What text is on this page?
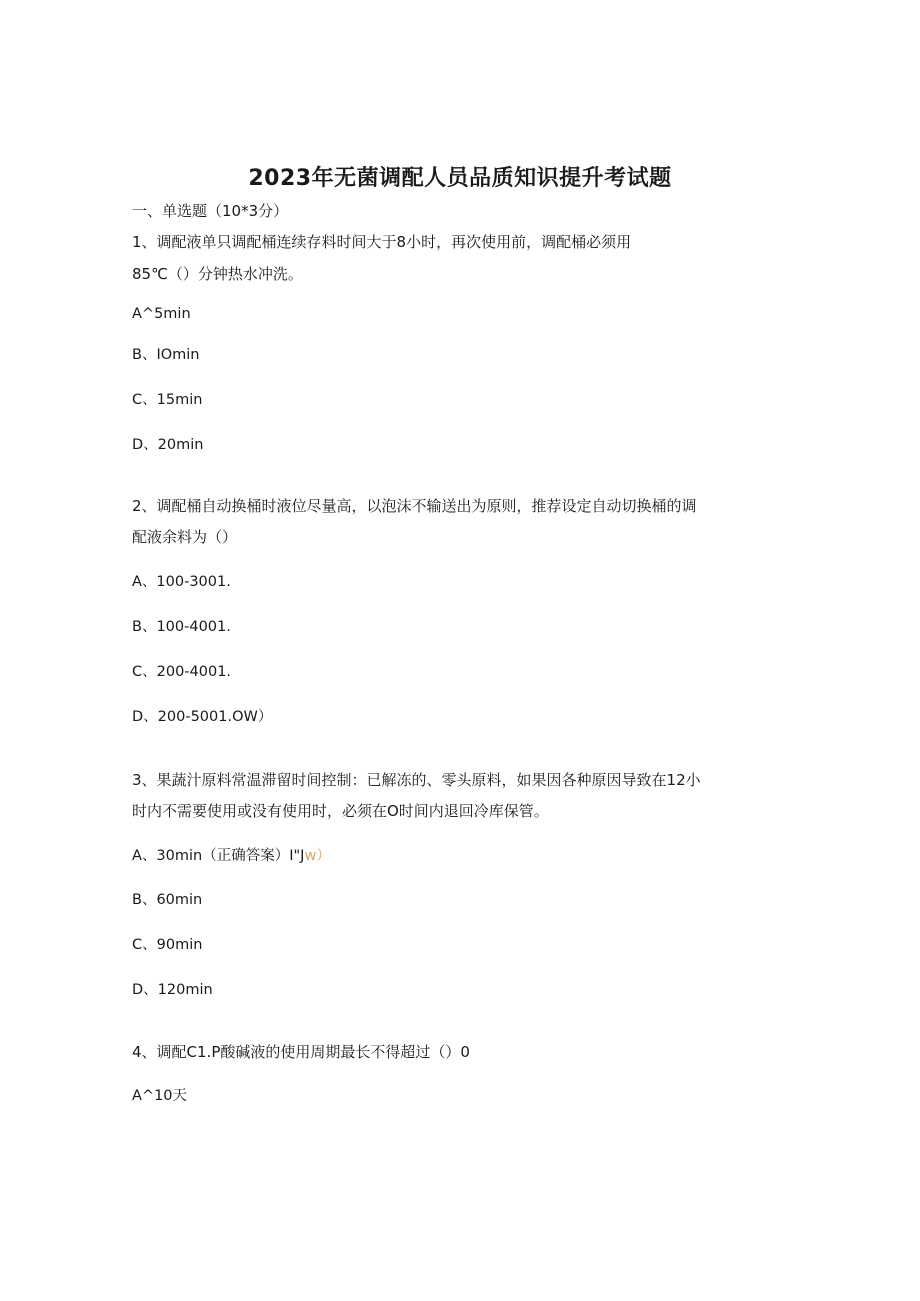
2023年无菌调配人员品质知识提升考试题
一、单选题（10*3分）
1、调配液单只调配桶连续存料时间大于8小时，再次使用前，调配桶必须用
85℃（）分钟热水冲洗。
A^5min
B、IOmin
C、15min
D、20min
2、调配桶自动换桶时液位尽量高，以泡沫不输送出为原则，推荐设定自动切换桶的调
配液余料为（）
A、100-3001.
B、100-4001.
C、200-4001.
D、200-5001.OW）
3、果蔬汁原料常温滞留时间控制：已解冻的、零头原料，如果因各种原因导致在12小
时内不需要使用或没有使用时，必须在O时间内退回冷库保管。
A、30min（正确答案）I"Jw）
B、60min
C、90min
D、120min
4、调配C1.P酸碱液的使用周期最长不得超过（）0
A^10天
